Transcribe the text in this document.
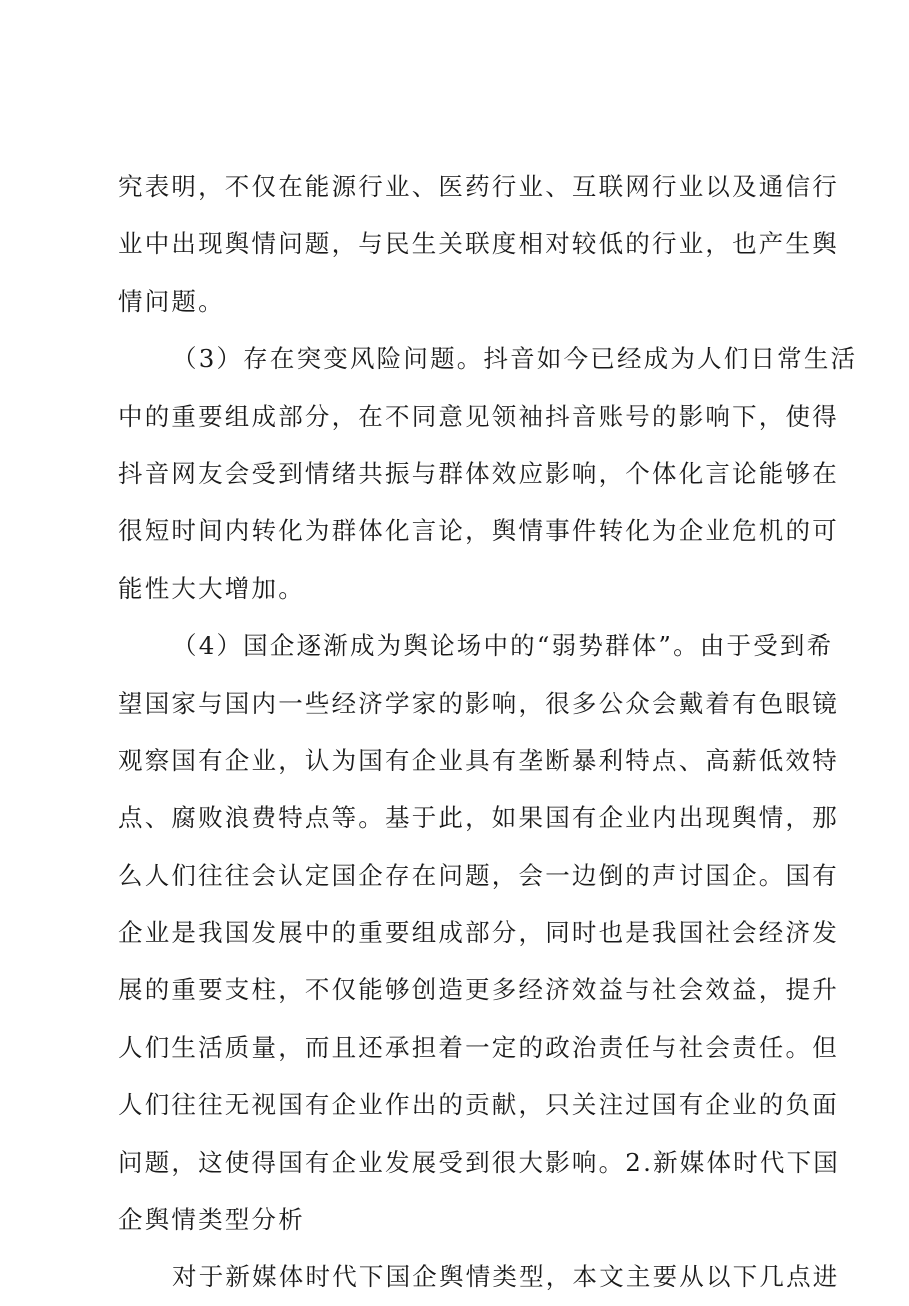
究表明，不仅在能源行业、医药行业、互联网行业以及通信行
业中出现舆情问题，与民生关联度相对较低的行业，也产生舆
情问题。
（3）存在突变风险问题。抖音如今已经成为人们日常生活
中的重要组成部分，在不同意见领袖抖音账号的影响下，使得
抖音网友会受到情绪共振与群体效应影响，个体化言论能够在
很短时间内转化为群体化言论，舆情事件转化为企业危机的可
能性大大增加。
（4）国企逐渐成为舆论场中的“弱势群体”。由于受到希
望国家与国内一些经济学家的影响，很多公众会戴着有色眼镜
观察国有企业，认为国有企业具有垄断暴利特点、高薪低效特
点、腐败浪费特点等。基于此，如果国有企业内出现舆情，那
么人们往往会认定国企存在问题，会一边倒的声讨国企。国有
企业是我国发展中的重要组成部分，同时也是我国社会经济发
展的重要支柱，不仅能够创造更多经济效益与社会效益，提升
人们生活质量，而且还承担着一定的政治责任与社会责任。但
人们往往无视国有企业作出的贡献，只关注过国有企业的负面
问题，这使得国有企业发展受到很大影响。2.新媒体时代下国
企舆情类型分析
对于新媒体时代下国企舆情类型，本文主要从以下几点进
